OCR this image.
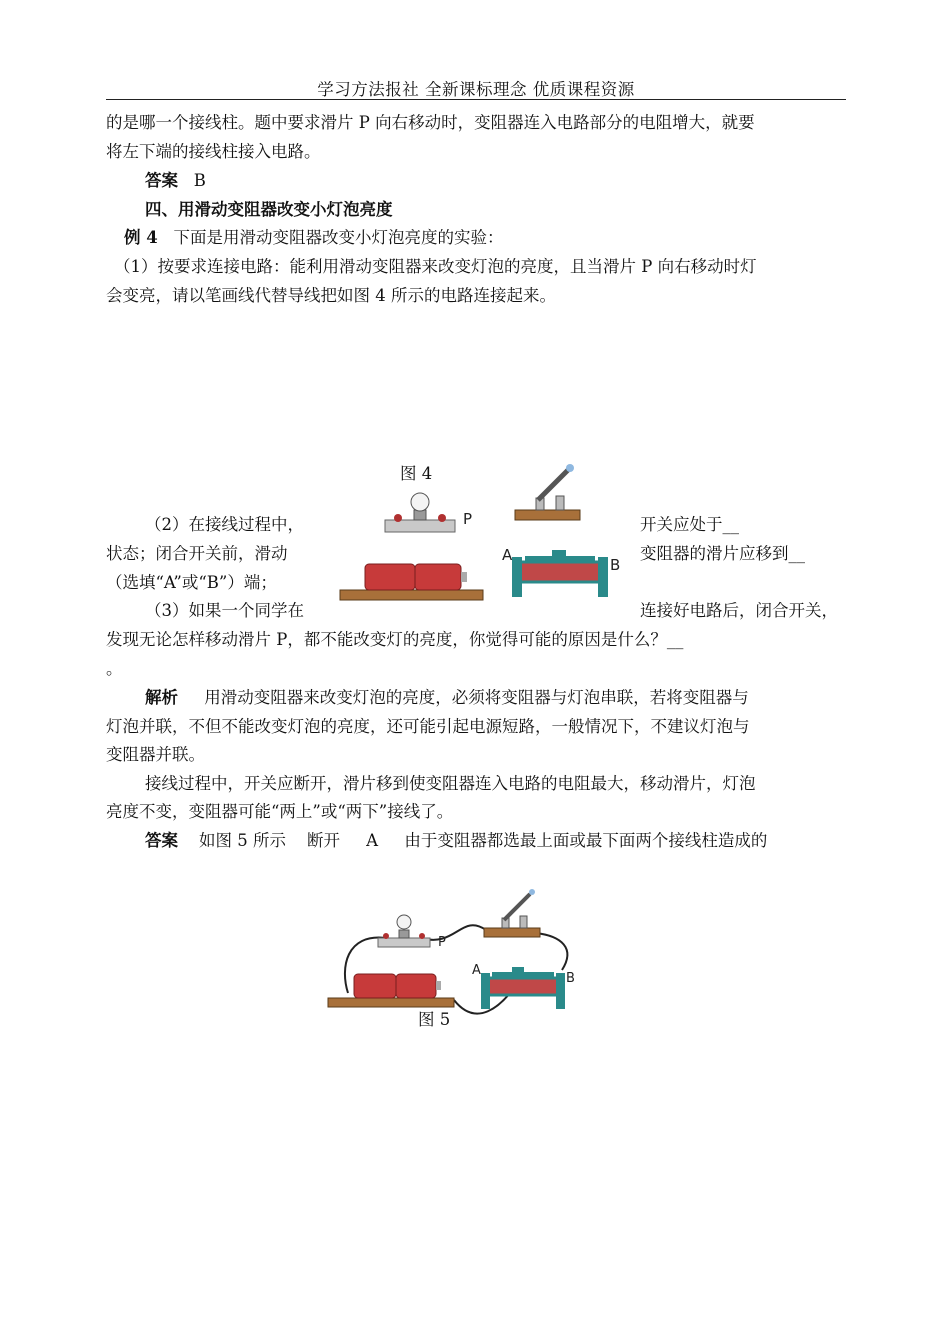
学习方法报社 全新课标理念 优质课程资源
的是哪一个接线柱。题中要求滑片 P 向右移动时，变阻器连入电路部分的电阻增大，就要
将左下端的接线柱接入电路。
答案 B
四、用滑动变阻器改变小灯泡亮度
例 4 下面是用滑动变阻器改变小灯泡亮度的实验：
（1）按要求连接电路：能利用滑动变阻器来改变灯泡的亮度，且当滑片 P 向右移动时灯
会变亮，请以笔画线代替导线把如图 4 所示的电路连接起来。
图 4
P
A
B
（2）在接线过程中，	开关应处于__
状态；闭合开关前，滑动	变阻器的滑片应移到__
（选填“A”或“B”）端；
（3）如果一个同学在	连接好电路后，闭合开关，
发现无论怎样移动滑片 P，都不能改变灯的亮度，你觉得可能的原因是什么？__
。
解析 用滑动变阻器来改变灯泡的亮度，必须将变阻器与灯泡串联，若将变阻器与
灯泡并联，不但不能改变灯泡的亮度，还可能引起电源短路，一般情况下，不建议灯泡与
变阻器并联。
接线过程中，开关应断开，滑片移到使变阻器连入电路的电阻最大，移动滑片，灯泡
亮度不变，变阻器可能“两上”或“两下”接线了。
答案 如图 5 所示    断开     A     由于变阻器都选最上面或最下面两个接线柱造成的
P
A
B
图 5
